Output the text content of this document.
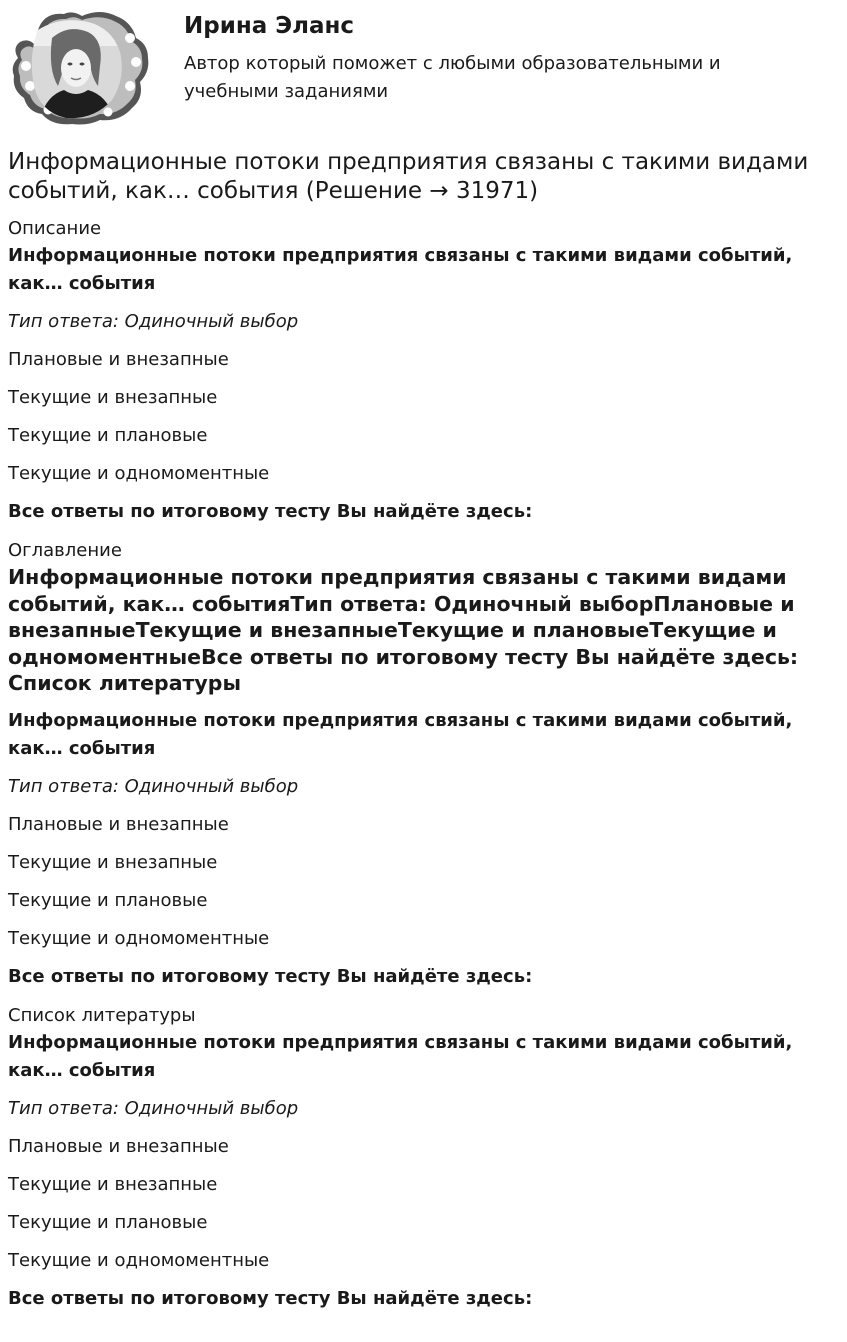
Ирина Эланс
Автор который поможет с любыми образовательными и учебными заданиями
Информационные потоки предприятия связаны с такими видами событий, как… события (Решение → 31971)
Описание

Информационные потоки предприятия связаны с такими видами событий, как… события

Тип ответа: Одиночный выбор
Плановые и внезапные
Текущие и внезапные
Текущие и плановые
Текущие и одномоментные
Все ответы по итоговому тесту Вы найдёте здесь:
Оглавление

Информационные потоки предприятия связаны с такими видами событий, как… событияТип ответа: Одиночный выборПлановые и внезапныеТекущие и внезапныеТекущие и плановыеТекущие и одномоментныеВсе ответы по итоговому тесту Вы найдёте здесь: Список литературы

Информационные потоки предприятия связаны с такими видами событий, как… события

Тип ответа: Одиночный выбор
Плановые и внезапные
Текущие и внезапные
Текущие и плановые
Текущие и одномоментные
Все ответы по итоговому тесту Вы найдёте здесь:
Список литературы

Информационные потоки предприятия связаны с такими видами событий, как… события

Тип ответа: Одиночный выбор
Плановые и внезапные
Текущие и внезапные
Текущие и плановые
Текущие и одномоментные
Все ответы по итоговому тесту Вы найдёте здесь:
